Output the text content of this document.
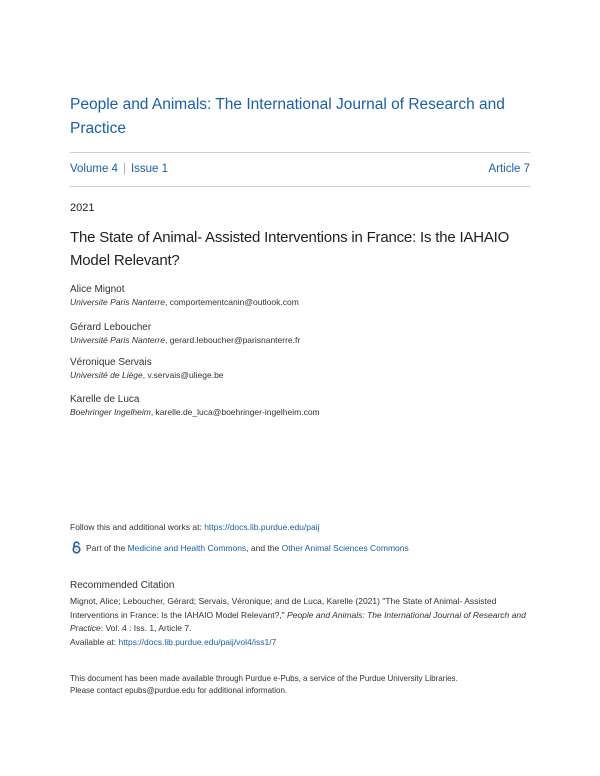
People and Animals: The International Journal of Research and Practice
Volume 4 | Issue 1	Article 7
2021
The State of Animal- Assisted Interventions in France: Is the IAHAIO Model Relevant?
Alice Mignot
Universite Paris Nanterre, comportementcanin@outlook.com
Gérard Leboucher
Université Paris Nanterre, gerard.leboucher@parisnanterre.fr
Véronique Servais
Université de Liège, v.servais@uliege.be
Karelle de Luca
Boehringer Ingelheim, karelle.de_luca@boehringer-ingelheim.com
Follow this and additional works at: https://docs.lib.purdue.edu/paij
Part of the
Medicine and Health Commons , and the
Other Animal Sciences Commons
Recommended Citation
Mignot, Alice; Leboucher, Gérard; Servais, Véronique; and de Luca, Karelle (2021) "The State of Animal- Assisted Interventions in France: Is the IAHAIO Model Relevant?," People and Animals: The International Journal of Research and Practice: Vol. 4 : Iss. 1, Article 7.
Available at: https://docs.lib.purdue.edu/paij/vol4/iss1/7
This document has been made available through Purdue e-Pubs, a service of the Purdue University Libraries.
Please contact epubs@purdue.edu for additional information.
